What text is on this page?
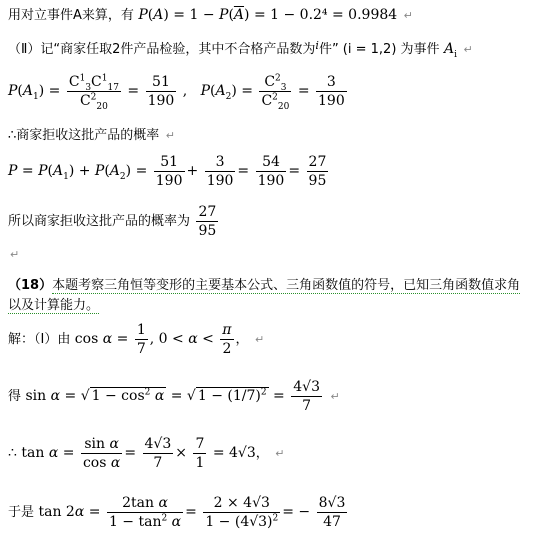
用对立事件A来算，有 $P(A) = 1 - P(\overline{A}) = 1 - 0.2^4 = 0.9984$ ↵
（Ⅱ）记“商家任取2件产品检验，其中不合格产品数为$^i$件” (i = 1,2) 为事件 $A_i$ ↵
$P(A_1) = \frac{C^1_3C^1_{17}}{C^2_{20}} = \frac{51}{190}$ ,   $P(A_2) = \frac{C^2_3}{C^2_{20}} = \frac{3}{190}$
∴商家拒收这批产品的概率 ↵
$P = P(A_1) + P(A_2) = \frac{51}{190} + \frac{3}{190} = \frac{54}{190} = \frac{27}{95}$
所以商家拒收这批产品的概率为 $\frac{27}{95}$
↵
（18）本题考察三角恒等变形的主要基本公式、三角函数值的符号，已知三角函数值求角
以及计算能力。
解：（Ⅰ）由 $\cos \alpha = \frac{1}{7}$ , $0 < \alpha < \frac{\pi}{2}$ ， ↵
得 sin α = √ $1 - \cos^2 \alpha$ = √ $1 - (1/7)^2 = \frac{4√3}{7}$ ↵
∴ $\tan \alpha = \frac{\text{sin α}}{\text{cos α}} = \frac{4√3}{7} \times \frac{7}{1} = 4√3$， ↵
于是 $\tan 2\alpha = \frac{\text{2tan α}}{1 - \tan^2 \alpha} = \frac{2 \times 4√3}{1 - (4√3)^2}$ = − $\frac{8√3}{47}$
